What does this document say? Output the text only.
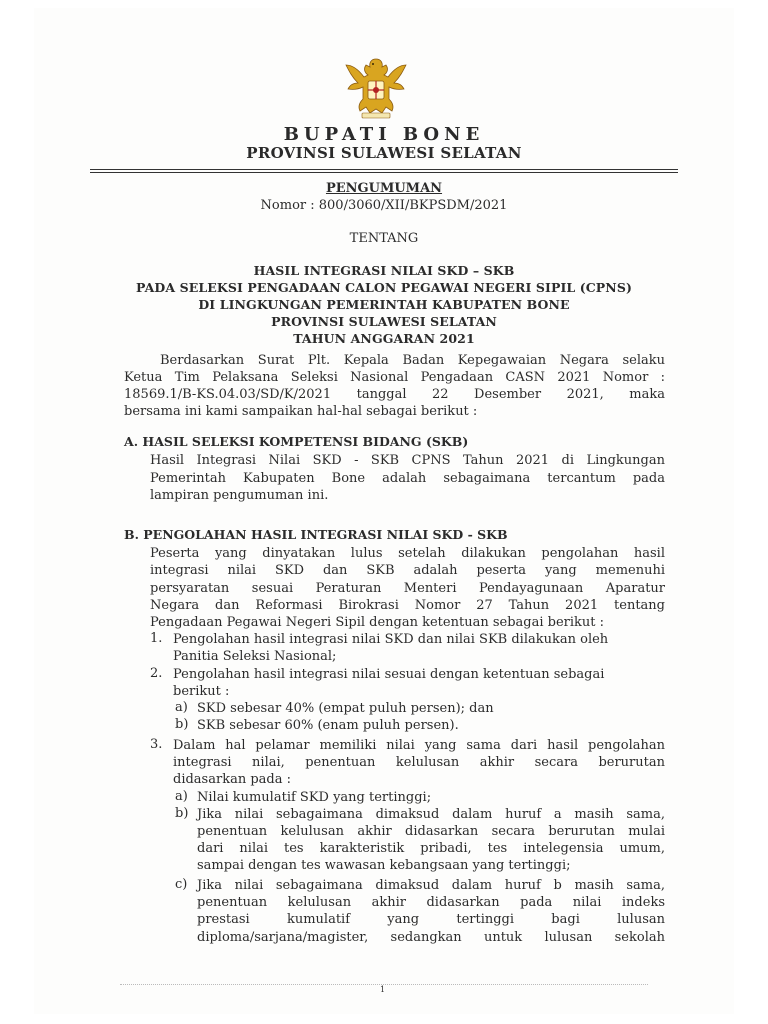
BUPATI BONE
PROVINSI SULAWESI SELATAN
PENGUMUMAN
Nomor : 800/3060/XII/BKPSDM/2021
TENTANG
HASIL INTEGRASI NILAI SKD – SKB
PADA SELEKSI PENGADAAN CALON PEGAWAI NEGERI SIPIL (CPNS)
DI LINGKUNGAN PEMERINTAH KABUPATEN BONE
PROVINSI SULAWESI SELATAN
TAHUN ANGGARAN 2021
Berdasarkan Surat Plt. Kepala Badan Kepegawaian Negara selaku
Ketua Tim Pelaksana Seleksi Nasional Pengadaan CASN 2021 Nomor :
18569.1/B-KS.04.03/SD/K/2021 tanggal 22 Desember 2021, maka
bersama ini kami sampaikan hal-hal sebagai berikut :
A. HASIL SELEKSI KOMPETENSI BIDANG (SKB)
Hasil Integrasi Nilai SKD - SKB CPNS Tahun 2021 di Lingkungan
Pemerintah Kabupaten Bone adalah sebagaimana tercantum pada
lampiran pengumuman ini.
B. PENGOLAHAN HASIL INTEGRASI NILAI SKD - SKB
Peserta yang dinyatakan lulus setelah dilakukan pengolahan hasil
integrasi nilai SKD dan SKB adalah peserta yang memenuhi
persyaratan sesuai Peraturan Menteri Pendayagunaan Aparatur
Negara dan Reformasi Birokrasi Nomor 27 Tahun 2021 tentang
Pengadaan Pegawai Negeri Sipil dengan ketentuan sebagai berikut :
1. Pengolahan hasil integrasi nilai SKD dan nilai SKB dilakukan oleh
Panitia Seleksi Nasional;
2. Pengolahan hasil integrasi nilai sesuai dengan ketentuan sebagai
berikut :
a) SKD sebesar 40% (empat puluh persen); dan
b) SKB sebesar 60% (enam puluh persen).
3. Dalam hal pelamar memiliki nilai yang sama dari hasil pengolahan
integrasi nilai, penentuan kelulusan akhir secara berurutan
didasarkan pada :
a) Nilai kumulatif SKD yang tertinggi;
b) Jika nilai sebagaimana dimaksud dalam huruf a masih sama,
penentuan kelulusan akhir didasarkan secara berurutan mulai
dari nilai tes karakteristik pribadi, tes intelegensia umum,
sampai dengan tes wawasan kebangsaan yang tertinggi;
c) Jika nilai sebagaimana dimaksud dalam huruf b masih sama,
penentuan kelulusan akhir didasarkan pada nilai indeks
prestasi kumulatif yang tertinggi bagi lulusan
diploma/sarjana/magister, sedangkan untuk lulusan sekolah
1
